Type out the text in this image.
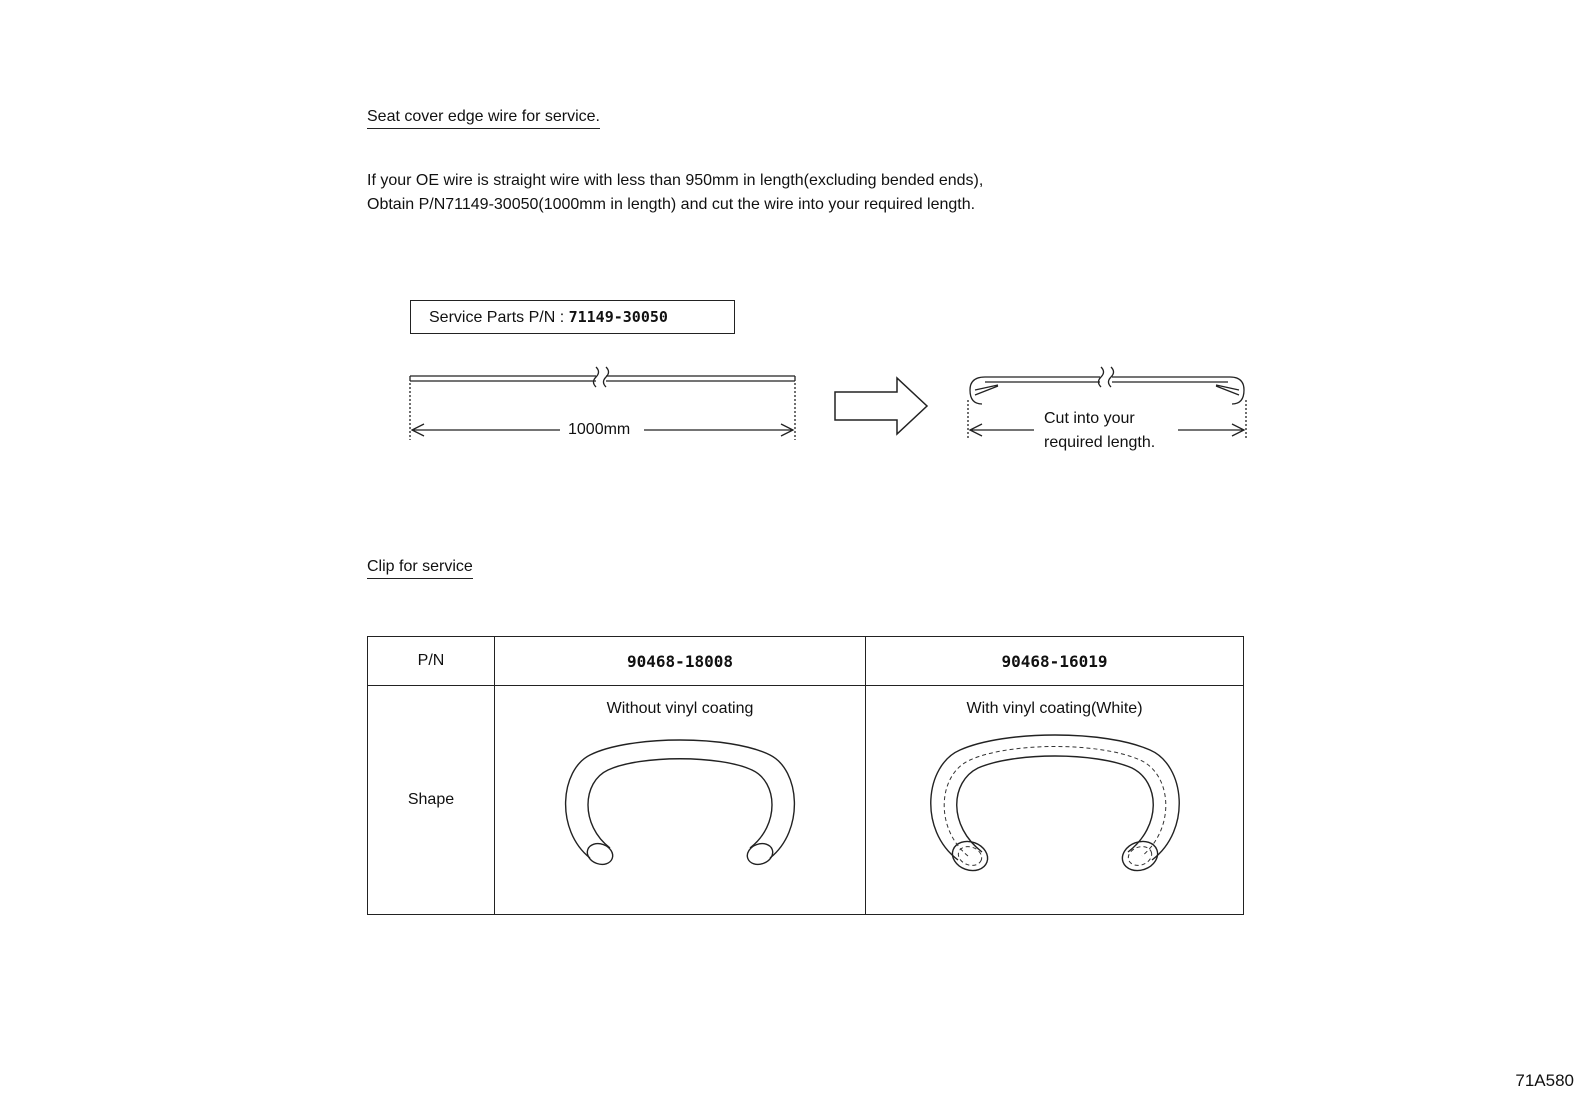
Seat cover edge wire for service.
If your OE wire is straight wire with less than 950mm in length(excluding bended ends),
Obtain P/N71149-30050(1000mm in length) and cut the wire into your required length.
Service Parts P/N : 71149-30050
1000mm
Cut into your
required length.
Clip for service
P/N	90468-18008	90468-16019
Shape	Without vinyl coating	With vinyl coating(White)
71A580
